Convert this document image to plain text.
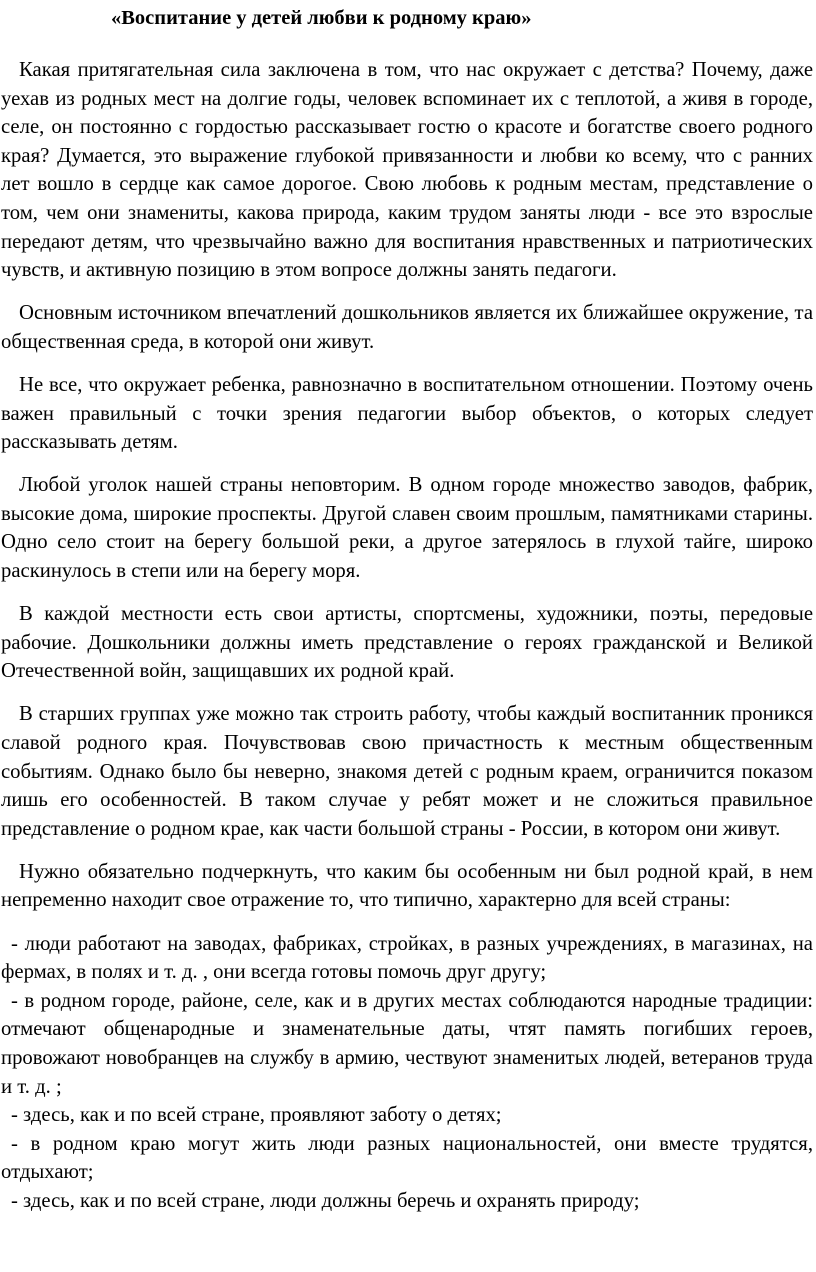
«Воспитание у детей любви к родному краю»

Какая притягательная сила заключена в том, что нас окружает с детства? Почему, даже уехав из родных мест на долгие годы, человек вспоминает их с теплотой, а живя в городе, селе, он постоянно с гордостью рассказывает гостю о красоте и богатстве своего родного края? Думается, это выражение глубокой привязанности и любви ко всему, что с ранних лет вошло в сердце как самое дорогое. Свою любовь к родным местам, представление о том, чем они знамениты, какова природа, каким трудом заняты люди - все это взрослые передают детям, что чрезвычайно важно для воспитания нравственных и патриотических чувств, и активную позицию в этом вопросе должны занять педагоги.

Основным источником впечатлений дошкольников является их ближайшее окружение, та общественная среда, в которой они живут.

Не все, что окружает ребенка, равнозначно в воспитательном отношении. Поэтому очень важен правильный с точки зрения педагогии выбор объектов, о которых следует рассказывать детям.

Любой уголок нашей страны неповторим. В одном городе множество заводов, фабрик, высокие дома, широкие проспекты. Другой славен своим прошлым, памятниками старины. Одно село стоит на берегу большой реки, а другое затерялось в глухой тайге, широко раскинулось в степи или на берегу моря.

В каждой местности есть свои артисты, спортсмены, художники, поэты, передовые рабочие. Дошкольники должны иметь представление о героях гражданской и Великой Отечественной войн, защищавших их родной край.

В старших группах уже можно так строить работу, чтобы каждый воспитанник проникся славой родного края. Почувствовав свою причастность к местным общественным событиям. Однако было бы неверно, знакомя детей с родным краем, ограничится показом лишь его особенностей. В таком случае у ребят может и не сложиться правильное представление о родном крае, как части большой страны - России, в котором они живут.

Нужно обязательно подчеркнуть, что каким бы особенным ни был родной край, в нем непременно находит свое отражение то, что типично, характерно для всей страны:

- люди работают на заводах, фабриках, стройках, в разных учреждениях, в магазинах, на фермах, в полях и т. д. , они всегда готовы помочь друг другу;

- в родном городе, районе, селе, как и в других местах соблюдаются народные традиции: отмечают общенародные и знаменательные даты, чтят память погибших героев, провожают новобранцев на службу в армию, чествуют знаменитых людей, ветеранов труда и т. д. ;

- здесь, как и по всей стране, проявляют заботу о детях;

- в родном краю могут жить люди разных национальностей, они вместе трудятся, отдыхают;

- здесь, как и по всей стране, люди должны беречь и охранять природу;
